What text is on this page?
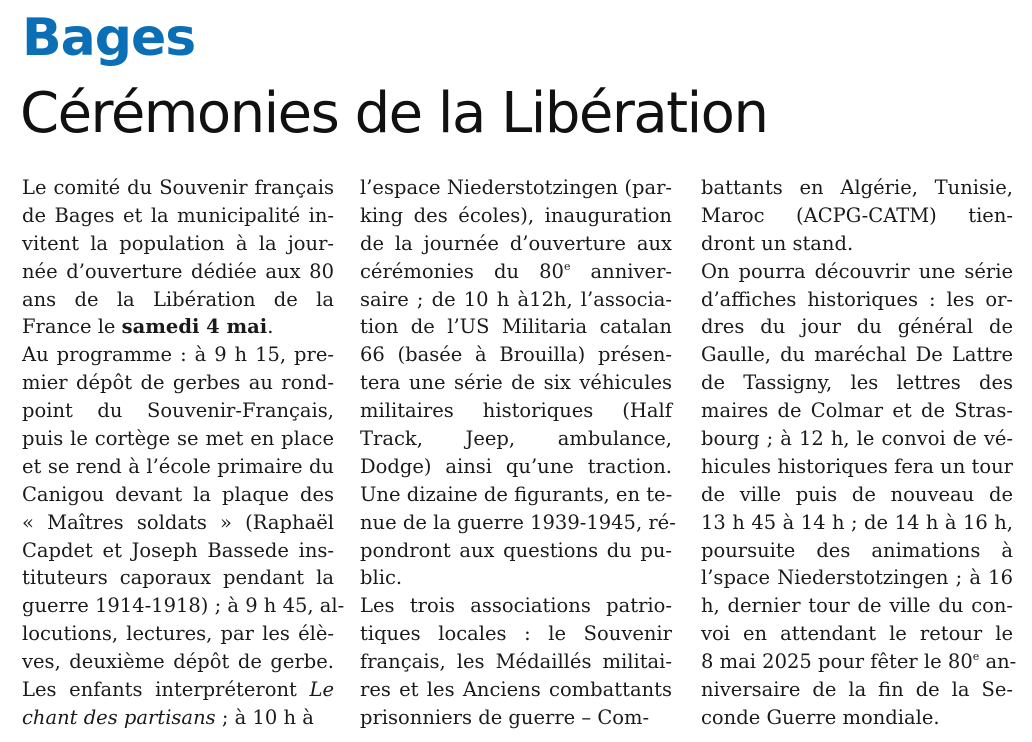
Bages
Cérémonies de la Libération
Le comité du Souvenir français
de Bages et la municipalité in-
vitent la population à la jour-
née d’ouverture dédiée aux 80
ans de la Libération de la
France le samedi 4 mai.
Au programme : à 9 h 15, pre-
mier dépôt de gerbes au rond-
point du Souvenir-Français,
puis le cortège se met en place
et se rend à l’école primaire du
Canigou devant la plaque des
« Maîtres soldats » (Raphaël
Capdet et Joseph Bassede ins-
tituteurs caporaux pendant la
guerre 1914-1918) ; à 9 h 45, al-
locutions, lectures, par les élè-
ves, deuxième dépôt de gerbe.
Les enfants interpréteront Le
chant des partisans ; à 10 h à
l’espace Niederstotzingen (par-
king des écoles), inauguration
de la journée d’ouverture aux
cérémonies du 80e anniver-
saire ; de 10 h à12h, l’associa-
tion de l’US Militaria catalan
66 (basée à Brouilla) présen-
tera une série de six véhicules
militaires historiques (Half
Track, Jeep, ambulance,
Dodge) ainsi qu’une traction.
Une dizaine de figurants, en te-
nue de la guerre 1939-1945, ré-
pondront aux questions du pu-
blic.
Les trois associations patrio-
tiques locales : le Souvenir
français, les Médaillés militai-
res et les Anciens combattants
prisonniers de guerre – Com-
battants en Algérie, Tunisie,
Maroc (ACPG-CATM) tien-
dront un stand.
On pourra découvrir une série
d’affiches historiques : les or-
dres du jour du général de
Gaulle, du maréchal De Lattre
de Tassigny, les lettres des
maires de Colmar et de Stras-
bourg ; à 12 h, le convoi de vé-
hicules historiques fera un tour
de ville puis de nouveau de
13 h 45 à 14 h ; de 14 h à 16 h,
poursuite des animations à
l’space Niederstotzingen ; à 16
h, dernier tour de ville du con-
voi en attendant le retour le
8 mai 2025 pour fêter le 80e an-
niversaire de la fin de la Se-
conde Guerre mondiale.
